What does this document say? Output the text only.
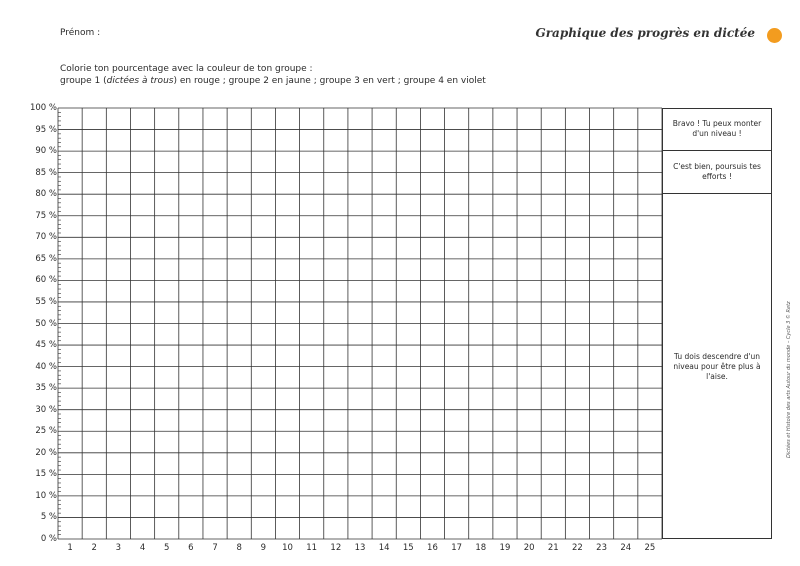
Prénom :	Graphique des progrès en dictée
Colorie ton pourcentage avec la couleur de ton groupe :
groupe 1 (dictées à trous) en rouge ; groupe 2 en jaune ; groupe 3 en vert ; groupe 4 en violet
100 %
95 %
90 %
85 %
80 %
75 %
70 %
65 %
60 %
55 %
50 %
45 %
40 %
35 %
30 %
25 %
20 %
15 %
10 %
5 %
0 %
1	2	3	4	5	6	7	8	9	10	11	12	13	14	15	16	17	18	19	20	21	22	23	24	25
Bravo ! Tu peux monter d'un niveau !
C'est bien, poursuis tes efforts !
Tu dois descendre d'un niveau pour être plus à l'aise.	Dictées et Histoire des arts Autour du monde – Cycle 3 © Retz
